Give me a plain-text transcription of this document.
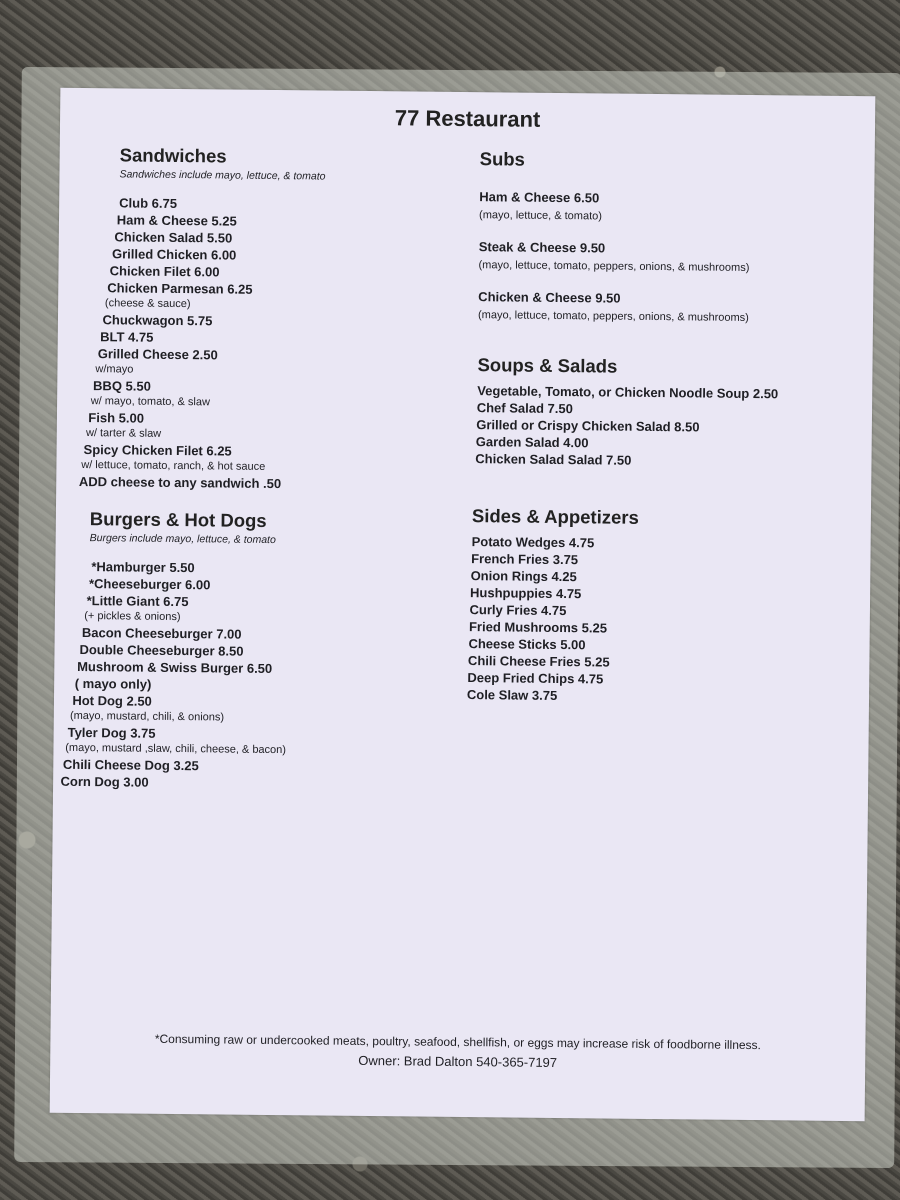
77 Restaurant
Sandwiches
Sandwiches include mayo, lettuce, & tomato
Club 6.75
Ham & Cheese 5.25
Chicken Salad 5.50
Grilled Chicken 6.00
Chicken Filet 6.00
Chicken Parmesan 6.25
(cheese & sauce)
Chuckwagon 5.75
BLT 4.75
Grilled Cheese 2.50
w/mayo
BBQ 5.50
w/ mayo, tomato, & slaw
Fish 5.00
w/ tarter & slaw
Spicy Chicken Filet 6.25
w/ lettuce, tomato, ranch, & hot sauce
ADD cheese to any sandwich .50
Burgers & Hot Dogs
Burgers include mayo, lettuce, & tomato
*Hamburger 5.50
*Cheeseburger 6.00
*Little Giant 6.75
(+ pickles & onions)
Bacon Cheeseburger 7.00
Double Cheeseburger 8.50
Mushroom & Swiss Burger 6.50
( mayo only)
Hot Dog 2.50
(mayo, mustard, chili, & onions)
Tyler Dog 3.75
(mayo, mustard ,slaw, chili, cheese, & bacon)
Chili Cheese Dog 3.25
Corn Dog 3.00
Subs
Ham & Cheese 6.50
(mayo, lettuce, & tomato)
Steak & Cheese 9.50
(mayo, lettuce, tomato, peppers, onions, & mushrooms)
Chicken & Cheese 9.50
(mayo, lettuce, tomato, peppers, onions, & mushrooms)
Soups & Salads
Vegetable, Tomato, or Chicken Noodle Soup 2.50
Chef Salad 7.50
Grilled or Crispy Chicken Salad 8.50
Garden Salad 4.00
Chicken Salad Salad 7.50
Sides & Appetizers
Potato Wedges 4.75
French Fries 3.75
Onion Rings 4.25
Hushpuppies 4.75
Curly Fries 4.75
Fried Mushrooms 5.25
Cheese Sticks 5.00
Chili Cheese Fries 5.25
Deep Fried Chips 4.75
Cole Slaw 3.75
*Consuming raw or undercooked meats, poultry, seafood, shellfish, or eggs may increase risk of foodborne illness.
Owner: Brad Dalton 540-365-7197
